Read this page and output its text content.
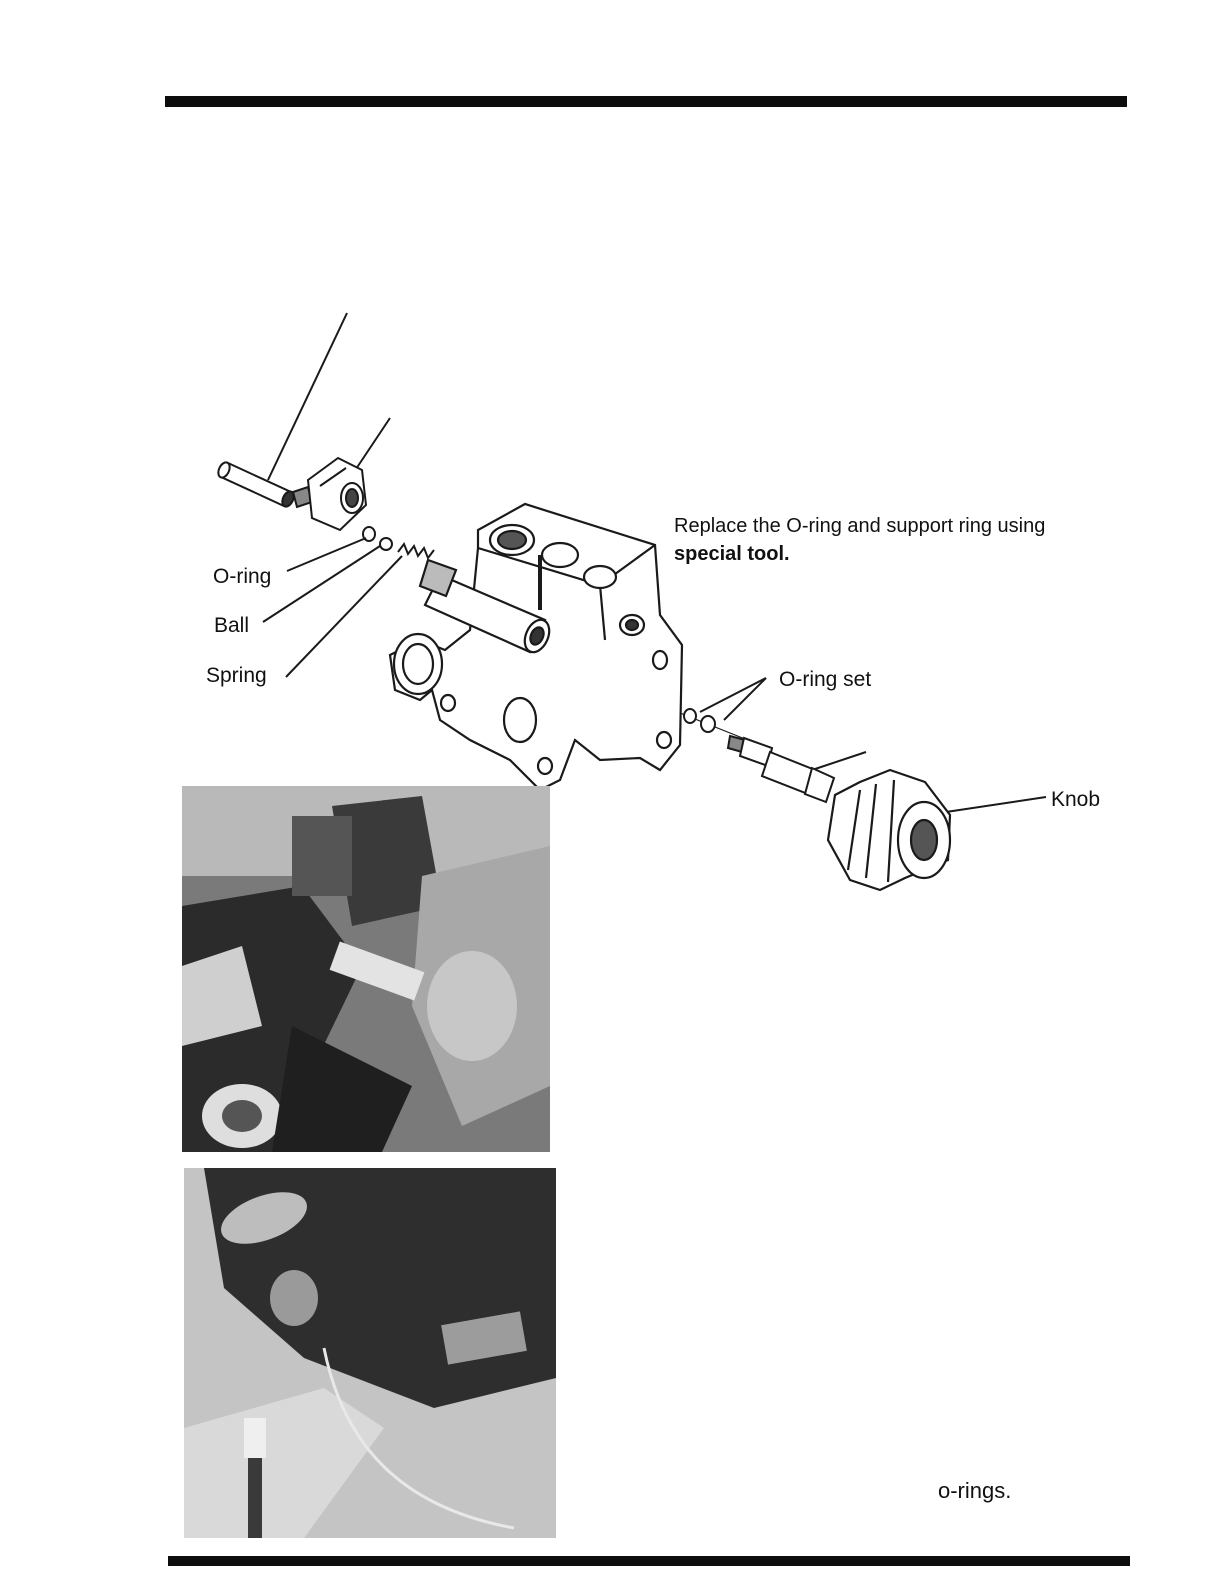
O-ring
Ball
Spring	O-ring set
Knob
Replace the O-ring and support ring using
special tool.
o-rings.
